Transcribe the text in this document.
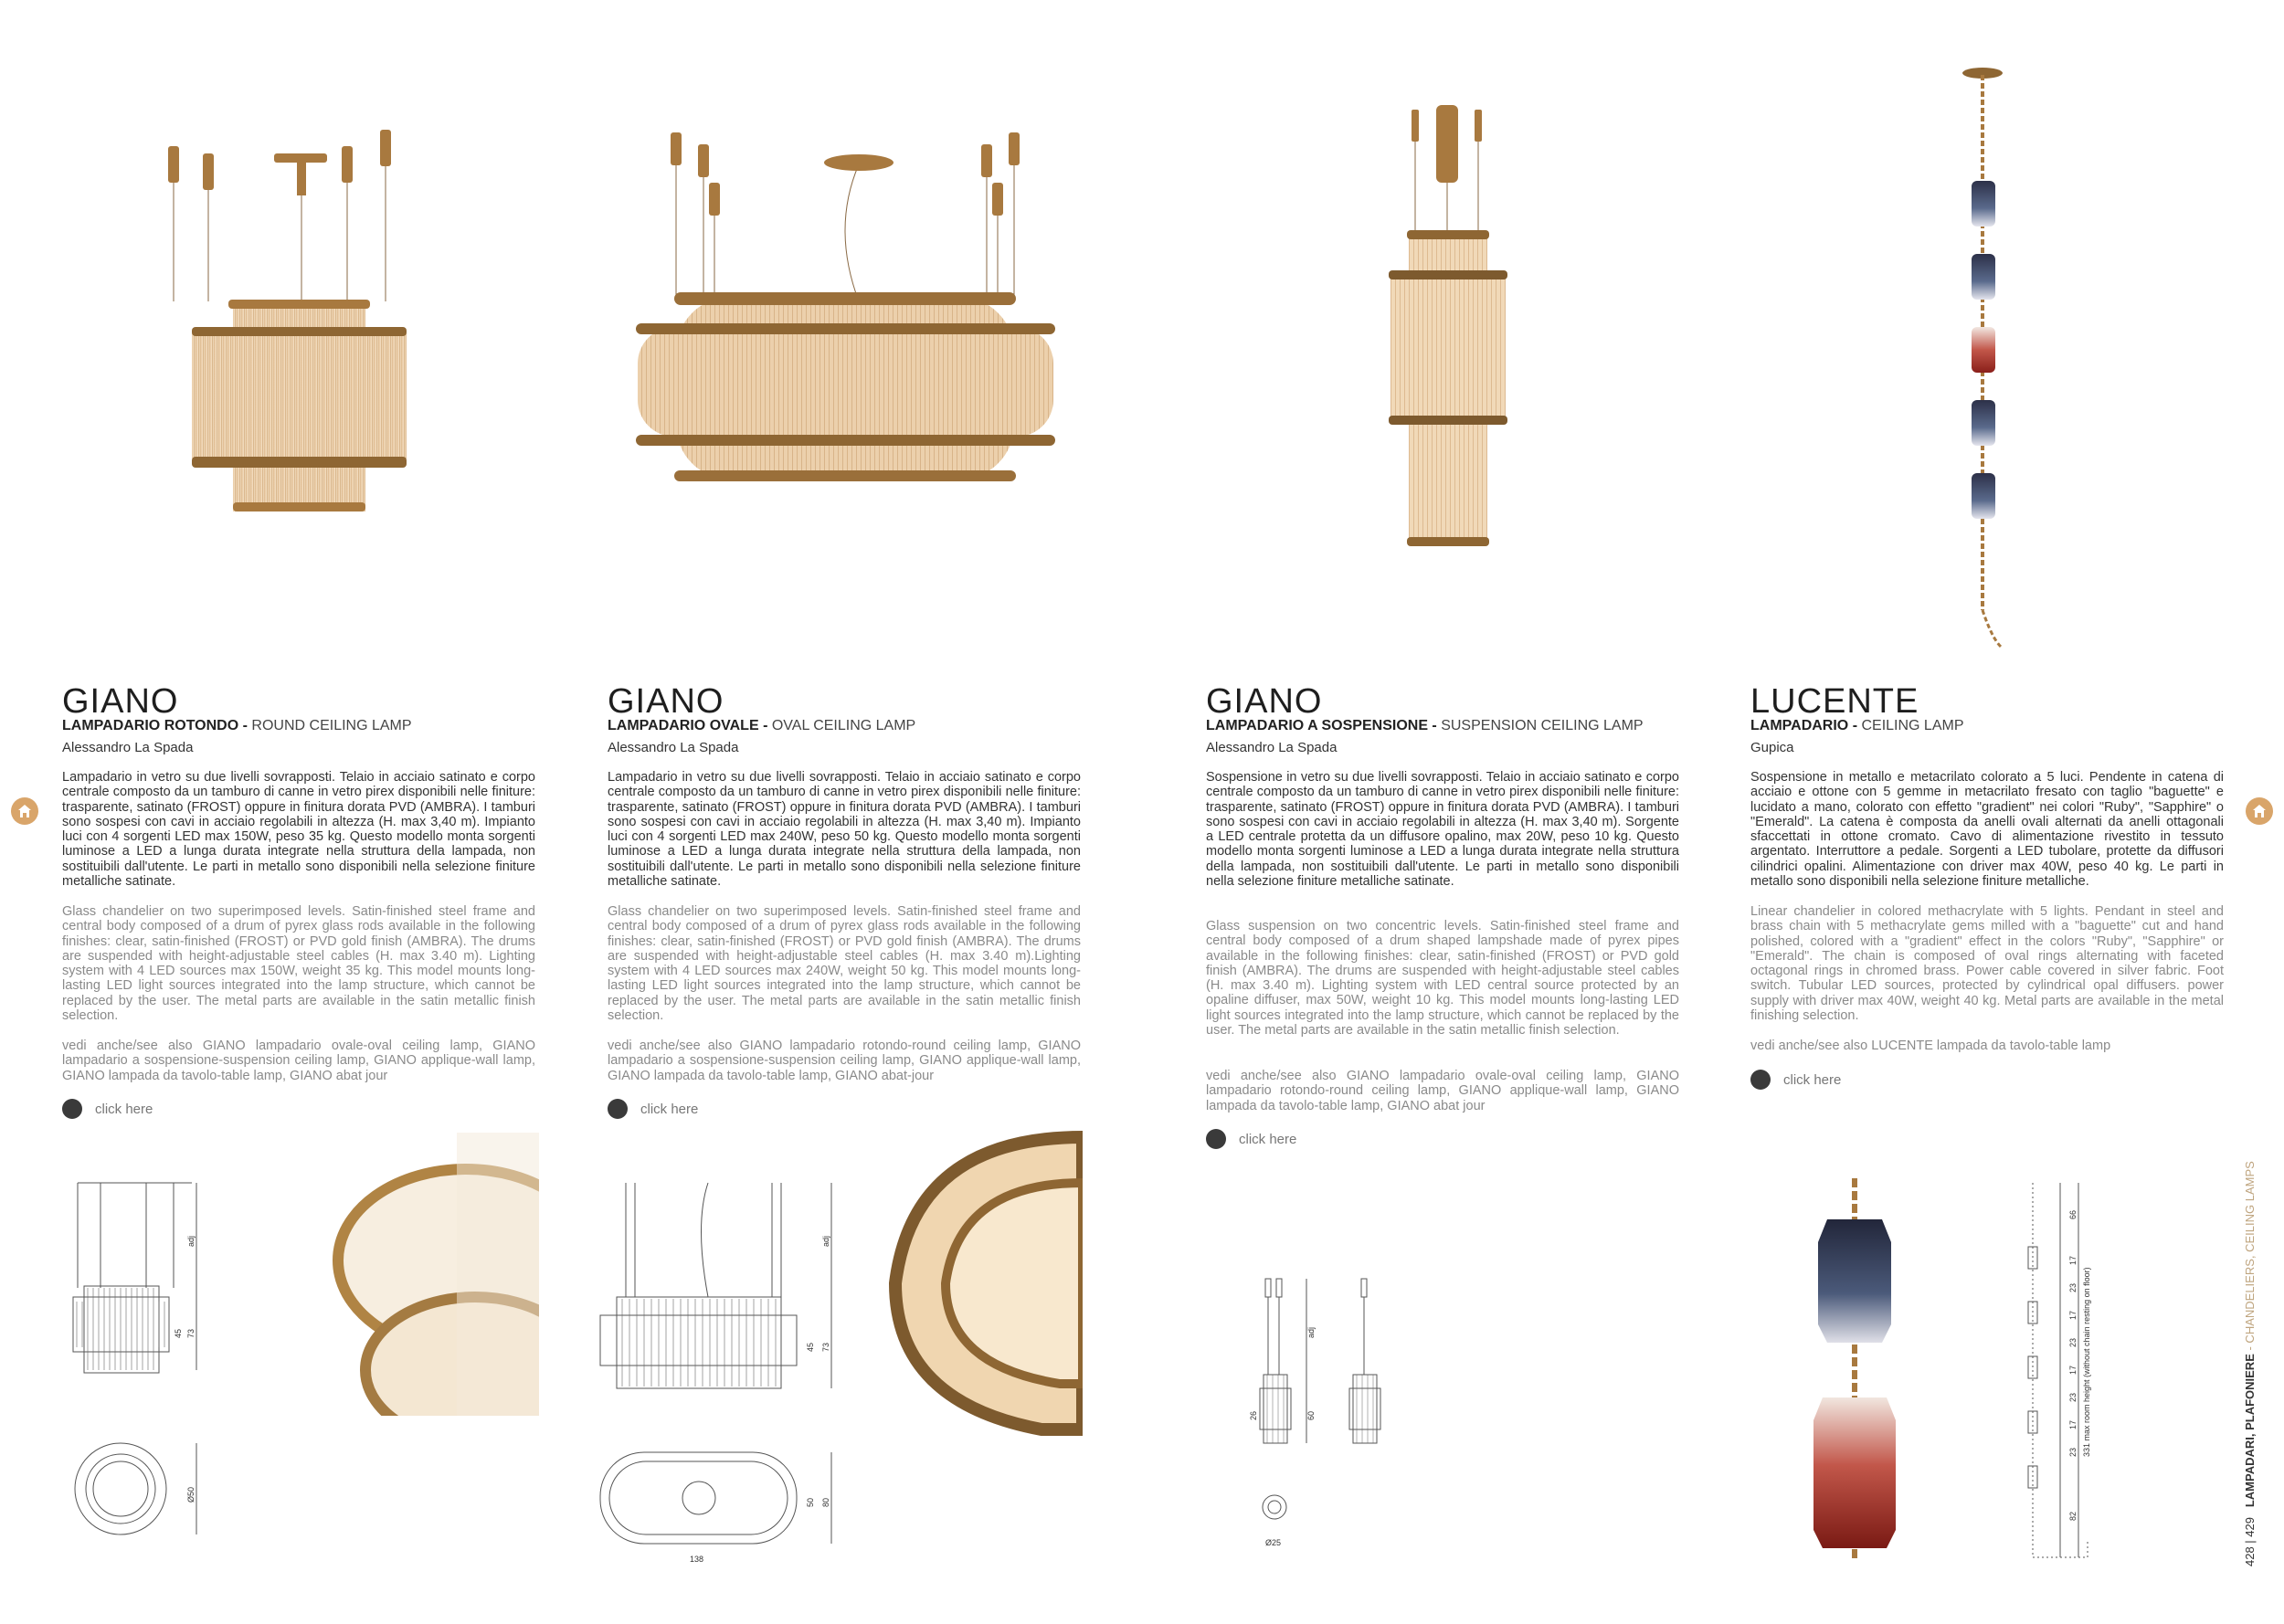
GIANO
LAMPADARIO ROTONDO - ROUND CEILING LAMP
Alessandro La Spada
Lampadario in vetro su due livelli sovrapposti. Telaio in acciaio satinato e corpo centrale composto da un tamburo di canne in vetro pirex disponibili nelle finiture: trasparente, satinato (FROST) oppure in finitura dorata PVD (AMBRA). I tamburi sono sospesi con cavi in acciaio regolabili in altezza (H. max 3,40 m). Impianto luci con 4 sorgenti LED max 150W, peso 35 kg. Questo modello monta sorgenti luminose a LED a lunga durata integrate nella struttura della lampada, non sostituibili dall'utente. Le parti in metallo sono disponibili nella selezione finiture metalliche satinate.
Glass chandelier on two superimposed levels. Satin-finished steel frame and central body composed of a drum of pyrex glass rods available in the following finishes: clear, satin-finished (FROST) or PVD gold finish (AMBRA). The drums are suspended with height-adjustable steel cables (H. max 3.40 m). Lighting system with 4 LED sources max 150W, weight 35 kg. This model mounts long-lasting LED light sources integrated into the lamp structure, which cannot be replaced by the user. The metal parts are available in the satin metallic finish selection.
vedi anche/see also GIANO lampadario ovale-oval ceiling lamp, GIANO lampadario a sospensione-suspension ceiling lamp, GIANO applique-wall lamp, GIANO lampada da tavolo-table lamp, GIANO abat jour
click here
GIANO
LAMPADARIO OVALE - OVAL CEILING LAMP
Alessandro La Spada
Lampadario in vetro su due livelli sovrapposti. Telaio in acciaio satinato e corpo centrale composto da un tamburo di canne in vetro pirex disponibili nelle finiture: trasparente, satinato (FROST) oppure in finitura dorata PVD (AMBRA). I tamburi sono sospesi con cavi in acciaio regolabili in altezza (H. max 3,40 m). Impianto luci con 4 sorgenti LED max 240W, peso 50 kg. Questo modello monta sorgenti luminose a LED a lunga durata integrate nella struttura della lampada, non sostituibili dall'utente. Le parti in metallo sono disponibili nella selezione finiture metalliche satinate.
Glass chandelier on two superimposed levels. Satin-finished steel frame and central body composed of a drum of pyrex glass rods available in the following finishes: clear, satin-finished (FROST) or PVD gold finish (AMBRA). The drums are suspended with height-adjustable steel cables (H. max 3.40 m).Lighting system with 4 LED sources max 240W, weight 50 kg. This model mounts long-lasting LED light sources integrated into the lamp structure, which cannot be replaced by the user. The metal parts are available in the satin metallic finish selection.
vedi anche/see also GIANO lampadario rotondo-round ceiling lamp, GIANO lampadario a sospensione-suspension ceiling lamp, GIANO applique-wall lamp, GIANO lampada da tavolo-table lamp, GIANO abat-jour
click here
GIANO
LAMPADARIO A SOSPENSIONE - SUSPENSION CEILING LAMP
Alessandro La Spada
Sospensione in vetro su due livelli sovrapposti. Telaio in acciaio satinato e corpo centrale composto da un tamburo di canne in vetro pirex disponibili nelle finiture: trasparente, satinato (FROST) oppure in finitura dorata PVD (AMBRA). I tamburi sono sospesi con cavi in acciaio regolabili in altezza (H. max 3,40 m). Sorgente a LED centrale protetta da un diffusore opalino, max 20W, peso 10 kg. Questo modello monta sorgenti luminose a LED a lunga durata integrate nella struttura della lampada, non sostituibili dall'utente. Le parti in metallo sono disponibili nella selezione finiture metalliche satinate.
Glass suspension on two concentric levels. Satin-finished steel frame and central body composed of a drum shaped lampshade made of pyrex pipes available in the following finishes: clear, satin-finished (FROST) or PVD gold finish (AMBRA). The drums are suspended with height-adjustable steel cables (H. max 3.40 m). Lighting system with LED central source protected by an opaline diffuser, max 50W, weight 10 kg. This model mounts long-lasting LED light sources integrated into the lamp structure, which cannot be replaced by the user. The metal parts are available in the satin metallic finish selection.
vedi anche/see also GIANO lampadario ovale-oval ceiling lamp, GIANO lampadario rotondo-round ceiling lamp, GIANO applique-wall lamp, GIANO lampada da tavolo-table lamp, GIANO abat jour
click here
LUCENTE
LAMPADARIO - CEILING LAMP
Gupica
Sospensione in metallo e metacrilato colorato a 5 luci. Pendente in catena di acciaio e ottone con 5 gemme in metacrilato fresato con taglio "baguette" e lucidato a mano, colorato con effetto "gradient" nei colori "Ruby", "Sapphire" o "Emerald". La catena è composta da anelli ovali alternati da anelli ottagonali sfaccettati in ottone cromato. Cavo di alimentazione rivestito in tessuto argentato. Interruttore a pedale. Sorgenti a LED tubolare, protette da diffusori cilindrici opalini. Alimentazione con driver max 40W, peso 40 kg. Le parti in metallo sono disponibili nella selezione finiture metalliche.
Linear chandelier in colored methacrylate with 5 lights. Pendant in steel and brass chain with 5 methacrylate gems milled with a "baguette" cut and hand polished, colored with a "gradient" effect in the colors "Ruby", "Sapphire" or "Emerald". The chain is composed of oval rings alternating with faceted octagonal rings in chromed brass. Power cable covered in silver fabric. Foot switch. Tubular LED sources, protected by cylindrical opal diffusers. power supply with driver max 40W, weight 40 kg. Metal parts are available in the metal finishing selection.
vedi anche/see also LUCENTE lampada da tavolo-table lamp
click here
adj
45 73
Ø50
adj
45 73
50 80
138
adj
26	60
Ø25
66
17
23
17
23
17
23
17
23
82
331 max room height (without chain resting on floor)
428 | 429   LAMPADARI, PLAFONIERE - CHANDELIERS, CEILING LAMPS
